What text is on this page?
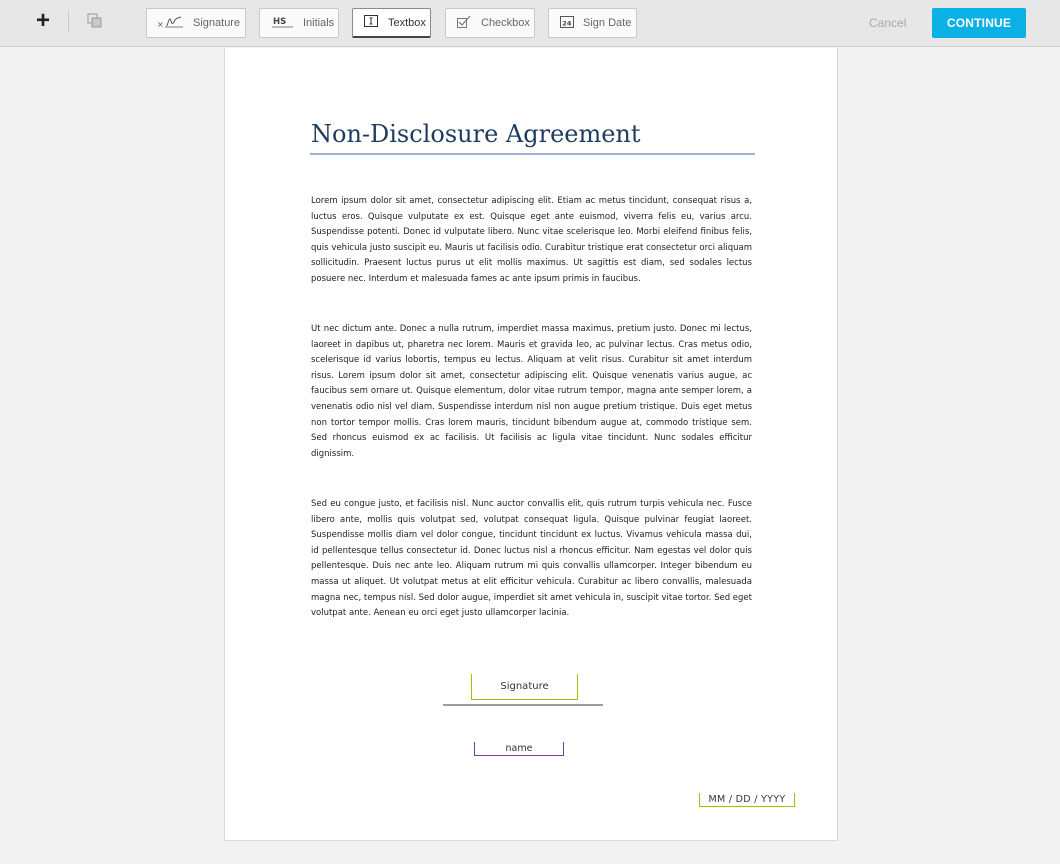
+	×	Signature	HS Initials	Textbox	Checkbox	24 Sign Date	Cancel	CONTINUE
Non-Disclosure Agreement
Lorem ipsum dolor sit amet, consectetur adipiscing elit. Etiam ac metus tincidunt, consequat risus a, luctus eros. Quisque vulputate ex est. Quisque eget ante euismod, viverra felis eu, varius arcu. Suspendisse potenti. Donec id vulputate libero. Nunc vitae scelerisque leo. Morbi eleifend finibus felis, quis vehicula justo suscipit eu. Mauris ut facilisis odio. Curabitur tristique erat consectetur orci aliquam sollicitudin. Praesent luctus purus ut elit mollis maximus. Ut sagittis est diam, sed sodales lectus posuere nec. Interdum et malesuada fames ac ante ipsum primis in faucibus.
Ut nec dictum ante. Donec a nulla rutrum, imperdiet massa maximus, pretium justo. Donec mi lectus, laoreet in dapibus ut, pharetra nec lorem. Mauris et gravida leo, ac pulvinar lectus. Cras metus odio, scelerisque id varius lobortis, tempus eu lectus. Aliquam at velit risus. Curabitur sit amet interdum risus. Lorem ipsum dolor sit amet, consectetur adipiscing elit. Quisque venenatis varius augue, ac faucibus sem ornare ut. Quisque elementum, dolor vitae rutrum tempor, magna ante semper lorem, a venenatis odio nisl vel diam. Suspendisse interdum nisl non augue pretium tristique. Duis eget metus non tortor tempor mollis. Cras lorem mauris, tincidunt bibendum augue at, commodo tristique sem. Sed rhoncus euismod ex ac facilisis. Ut facilisis ac ligula vitae tincidunt. Nunc sodales efficitur dignissim.
Sed eu congue justo, et facilisis nisl. Nunc auctor convallis elit, quis rutrum turpis vehicula nec. Fusce libero ante, mollis quis volutpat sed, volutpat consequat ligula. Quisque pulvinar feugiat laoreet. Suspendisse mollis diam vel dolor congue, tincidunt tincidunt ex luctus. Vivamus vehicula massa dui, id pellentesque tellus consectetur id. Donec luctus nisl a rhoncus efficitur. Nam egestas vel dolor quis pellentesque. Duis nec ante leo. Aliquam rutrum mi quis convallis ullamcorper. Integer bibendum eu massa ut aliquet. Ut volutpat metus at elit efficitur vehicula. Curabitur ac libero convallis, malesuada magna nec, tempus nisl. Sed dolor augue, imperdiet sit amet vehicula in, suscipit vitae tortor. Sed eget volutpat ante. Aenean eu orci eget justo ullamcorper lacinia.
Signature
name
MM / DD / YYYY
